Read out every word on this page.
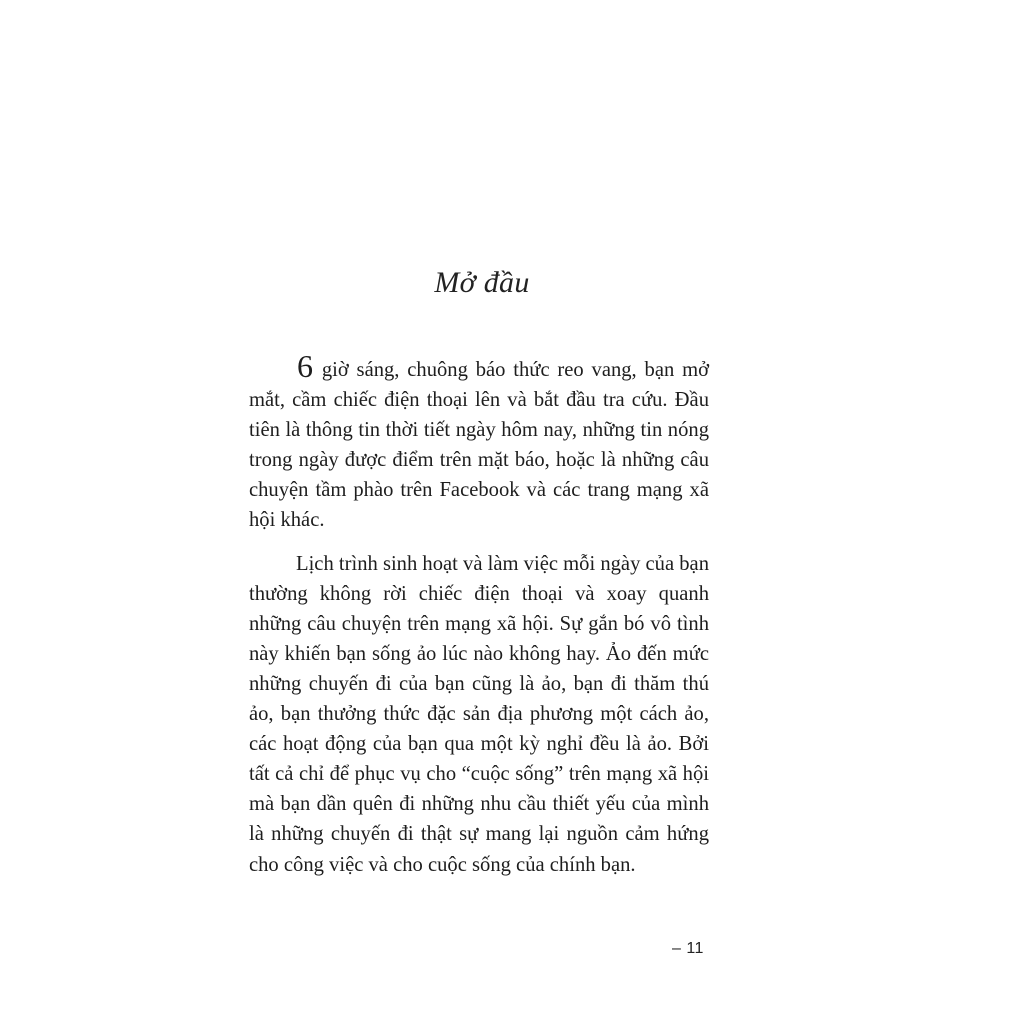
Mở đầu

6 giờ sáng, chuông báo thức reo vang, bạn mở mắt, cầm chiếc điện thoại lên và bắt đầu tra cứu. Đầu tiên là thông tin thời tiết ngày hôm nay, những tin nóng trong ngày được điểm trên mặt báo, hoặc là những câu chuyện tầm phào trên Facebook và các trang mạng xã hội khác.

Lịch trình sinh hoạt và làm việc mỗi ngày của bạn thường không rời chiếc điện thoại và xoay quanh những câu chuyện trên mạng xã hội. Sự gắn bó vô tình này khiến bạn sống ảo lúc nào không hay. Ảo đến mức những chuyến đi của bạn cũng là ảo, bạn đi thăm thú ảo, bạn thưởng thức đặc sản địa phương một cách ảo, các hoạt động của bạn qua một kỳ nghỉ đều là ảo. Bởi tất cả chỉ để phục vụ cho “cuộc sống” trên mạng xã hội mà bạn dần quên đi những nhu cầu thiết yếu của mình là những chuyến đi thật sự mang lại nguồn cảm hứng cho công việc và cho cuộc sống của chính bạn.

– 11
